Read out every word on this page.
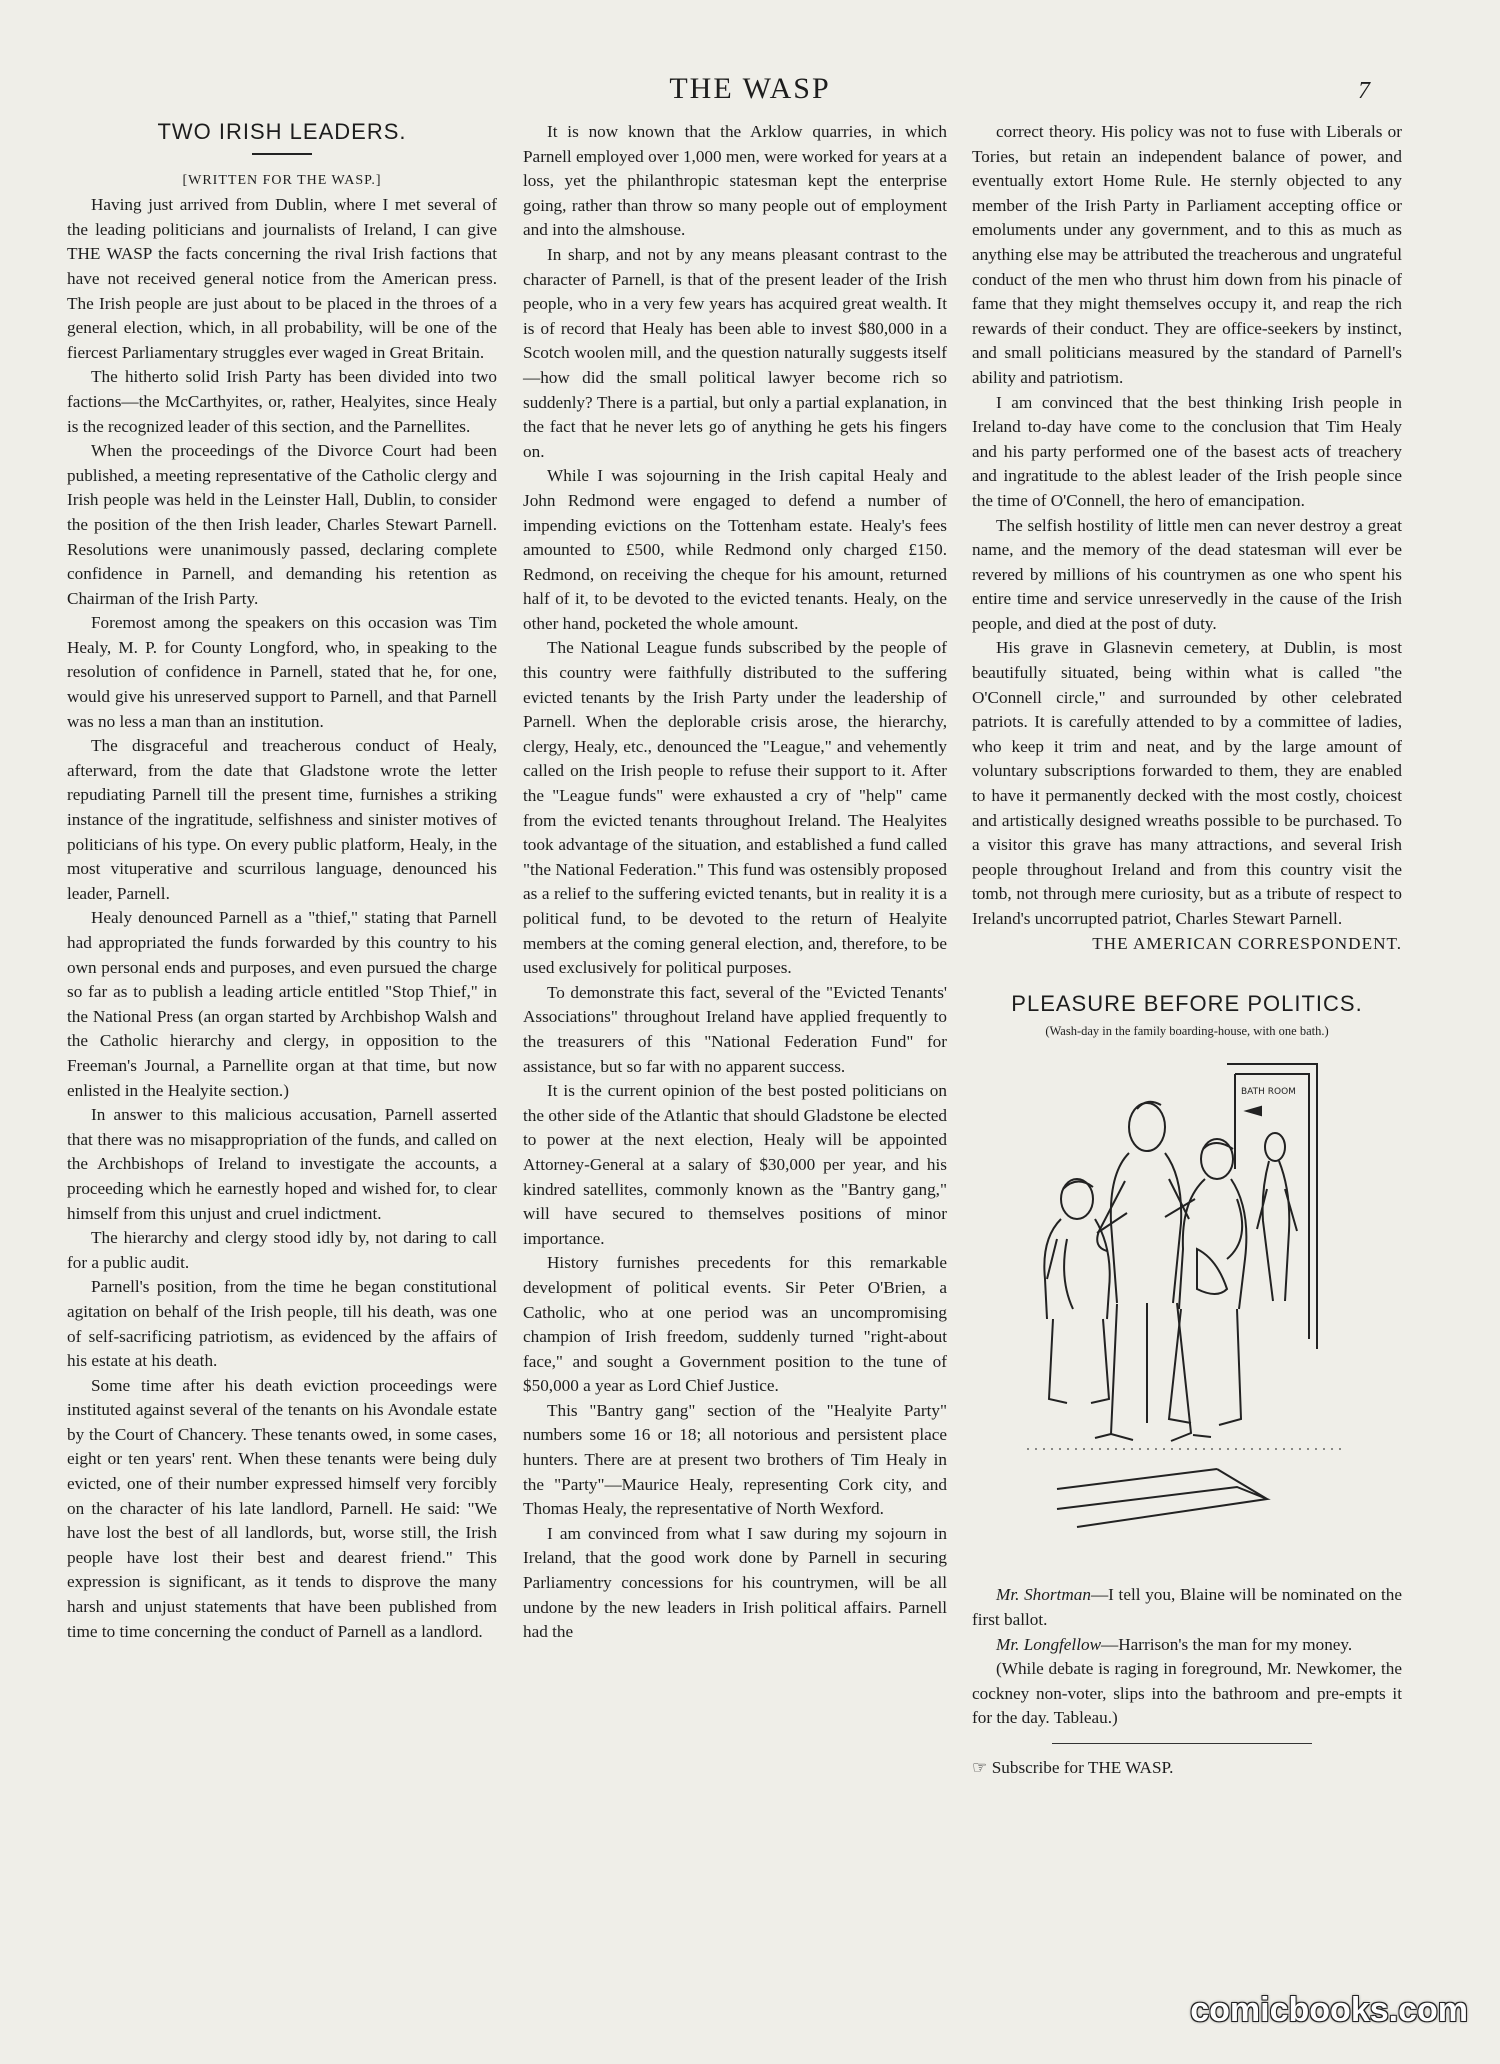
THE WASP	7
TWO IRISH LEADERS.

[WRITTEN FOR THE WASP.]

Having just arrived from Dublin, where I met several of the leading politicians and journalists of Ireland, I can give THE WASP the facts concerning the rival Irish factions that have not received general notice from the American press. The Irish people are just about to be placed in the throes of a general election, which, in all probability, will be one of the fiercest Parliamentary struggles ever waged in Great Britain.

The hitherto solid Irish Party has been divided into two factions—the McCarthyites, or, rather, Healyites, since Healy is the recognized leader of this section, and the Parnellites.

When the proceedings of the Divorce Court had been published, a meeting representative of the Catholic clergy and Irish people was held in the Leinster Hall, Dublin, to consider the position of the then Irish leader, Charles Stewart Parnell. Resolutions were unanimously passed, declaring complete confidence in Parnell, and demanding his retention as Chairman of the Irish Party.

Foremost among the speakers on this occasion was Tim Healy, M. P. for County Longford, who, in speaking to the resolution of confidence in Parnell, stated that he, for one, would give his unreserved support to Parnell, and that Parnell was no less a man than an institution.

The disgraceful and treacherous conduct of Healy, afterward, from the date that Gladstone wrote the letter repudiating Parnell till the present time, furnishes a striking instance of the ingratitude, selfishness and sinister motives of politicians of his type. On every public platform, Healy, in the most vituperative and scurrilous language, denounced his leader, Parnell.

Healy denounced Parnell as a "thief," stating that Parnell had appropriated the funds forwarded by this country to his own personal ends and purposes, and even pursued the charge so far as to publish a leading article entitled "Stop Thief," in the National Press (an organ started by Archbishop Walsh and the Catholic hierarchy and clergy, in opposition to the Freeman's Journal, a Parnellite organ at that time, but now enlisted in the Healyite section.)

In answer to this malicious accusation, Parnell asserted that there was no misappropriation of the funds, and called on the Archbishops of Ireland to investigate the accounts, a proceeding which he earnestly hoped and wished for, to clear himself from this unjust and cruel indictment.

The hierarchy and clergy stood idly by, not daring to call for a public audit.

Parnell's position, from the time he began constitutional agitation on behalf of the Irish people, till his death, was one of self-sacrificing patriotism, as evidenced by the affairs of his estate at his death.

Some time after his death eviction proceedings were instituted against several of the tenants on his Avondale estate by the Court of Chancery. These tenants owed, in some cases, eight or ten years' rent. When these tenants were being duly evicted, one of their number expressed himself very forcibly on the character of his late landlord, Parnell. He said: "We have lost the best of all landlords, but, worse still, the Irish people have lost their best and dearest friend." This expression is significant, as it tends to disprove the many harsh and unjust statements that have been published from time to time concerning the conduct of Parnell as a landlord.

It is now known that the Arklow quarries, in which Parnell employed over 1,000 men, were worked for years at a loss, yet the philanthropic statesman kept the enterprise going, rather than throw so many people out of employment and into the almshouse.

In sharp, and not by any means pleasant contrast to the character of Parnell, is that of the present leader of the Irish people, who in a very few years has acquired great wealth. It is of record that Healy has been able to invest $80,000 in a Scotch woolen mill, and the question naturally suggests itself—how did the small political lawyer become rich so suddenly? There is a partial, but only a partial explanation, in the fact that he never lets go of anything he gets his fingers on.

While I was sojourning in the Irish capital Healy and John Redmond were engaged to defend a number of impending evictions on the Tottenham estate. Healy's fees amounted to £500, while Redmond only charged £150. Redmond, on receiving the cheque for his amount, returned half of it, to be devoted to the evicted tenants. Healy, on the other hand, pocketed the whole amount.

The National League funds subscribed by the people of this country were faithfully distributed to the suffering evicted tenants by the Irish Party under the leadership of Parnell. When the deplorable crisis arose, the hierarchy, clergy, Healy, etc., denounced the "League," and vehemently called on the Irish people to refuse their support to it. After the "League funds" were exhausted a cry of "help" came from the evicted tenants throughout Ireland. The Healyites took advantage of the situation, and established a fund called "the National Federation." This fund was ostensibly proposed as a relief to the suffering evicted tenants, but in reality it is a political fund, to be devoted to the return of Healyite members at the coming general election, and, therefore, to be used exclusively for political purposes.

To demonstrate this fact, several of the "Evicted Tenants' Associations" throughout Ireland have applied frequently to the treasurers of this "National Federation Fund" for assistance, but so far with no apparent success.

It is the current opinion of the best posted politicians on the other side of the Atlantic that should Gladstone be elected to power at the next election, Healy will be appointed Attorney-General at a salary of $30,000 per year, and his kindred satellites, commonly known as the "Bantry gang," will have secured to themselves positions of minor importance.

History furnishes precedents for this remarkable development of political events. Sir Peter O'Brien, a Catholic, who at one period was an uncompromising champion of Irish freedom, suddenly turned "right-about face," and sought a Government position to the tune of $50,000 a year as Lord Chief Justice.

This "Bantry gang" section of the "Healyite Party" numbers some 16 or 18; all notorious and persistent place hunters. There are at present two brothers of Tim Healy in the "Party"—Maurice Healy, representing Cork city, and Thomas Healy, the representative of North Wexford.

I am convinced from what I saw during my sojourn in Ireland, that the good work done by Parnell in securing Parliamentry concessions for his countrymen, will be all undone by the new leaders in Irish political affairs. Parnell had the

correct theory. His policy was not to fuse with Liberals or Tories, but retain an independent balance of power, and eventually extort Home Rule. He sternly objected to any member of the Irish Party in Parliament accepting office or emoluments under any government, and to this as much as anything else may be attributed the treacherous and ungrateful conduct of the men who thrust him down from his pinacle of fame that they might themselves occupy it, and reap the rich rewards of their conduct. They are office-seekers by instinct, and small politicians measured by the standard of Parnell's ability and patriotism.

I am convinced that the best thinking Irish people in Ireland to-day have come to the conclusion that Tim Healy and his party performed one of the basest acts of treachery and ingratitude to the ablest leader of the Irish people since the time of O'Connell, the hero of emancipation.

The selfish hostility of little men can never destroy a great name, and the memory of the dead statesman will ever be revered by millions of his countrymen as one who spent his entire time and service unreservedly in the cause of the Irish people, and died at the post of duty.

His grave in Glasnevin cemetery, at Dublin, is most beautifully situated, being within what is called "the O'Connell circle," and surrounded by other celebrated patriots. It is carefully attended to by a committee of ladies, who keep it trim and neat, and by the large amount of voluntary subscriptions forwarded to them, they are enabled to have it permanently decked with the most costly, choicest and artistically designed wreaths possible to be purchased. To a visitor this grave has many attractions, and several Irish people throughout Ireland and from this country visit the tomb, not through mere curiosity, but as a tribute of respect to Ireland's uncorrupted patriot, Charles Stewart Parnell.

THE AMERICAN CORRESPONDENT.

PLEASURE BEFORE POLITICS.
(Wash-day in the family boarding-house, with one bath.)
BATH ROOM

Mr. Shortman—I tell you, Blaine will be nominated on the first ballot.

Mr. Longfellow—Harrison's the man for my money.

(While debate is raging in foreground, Mr. Newkomer, the cockney non-voter, slips into the bathroom and pre-empts it for the day. Tableau.)

☞ Subscribe for THE WASP.

comicbooks.com
